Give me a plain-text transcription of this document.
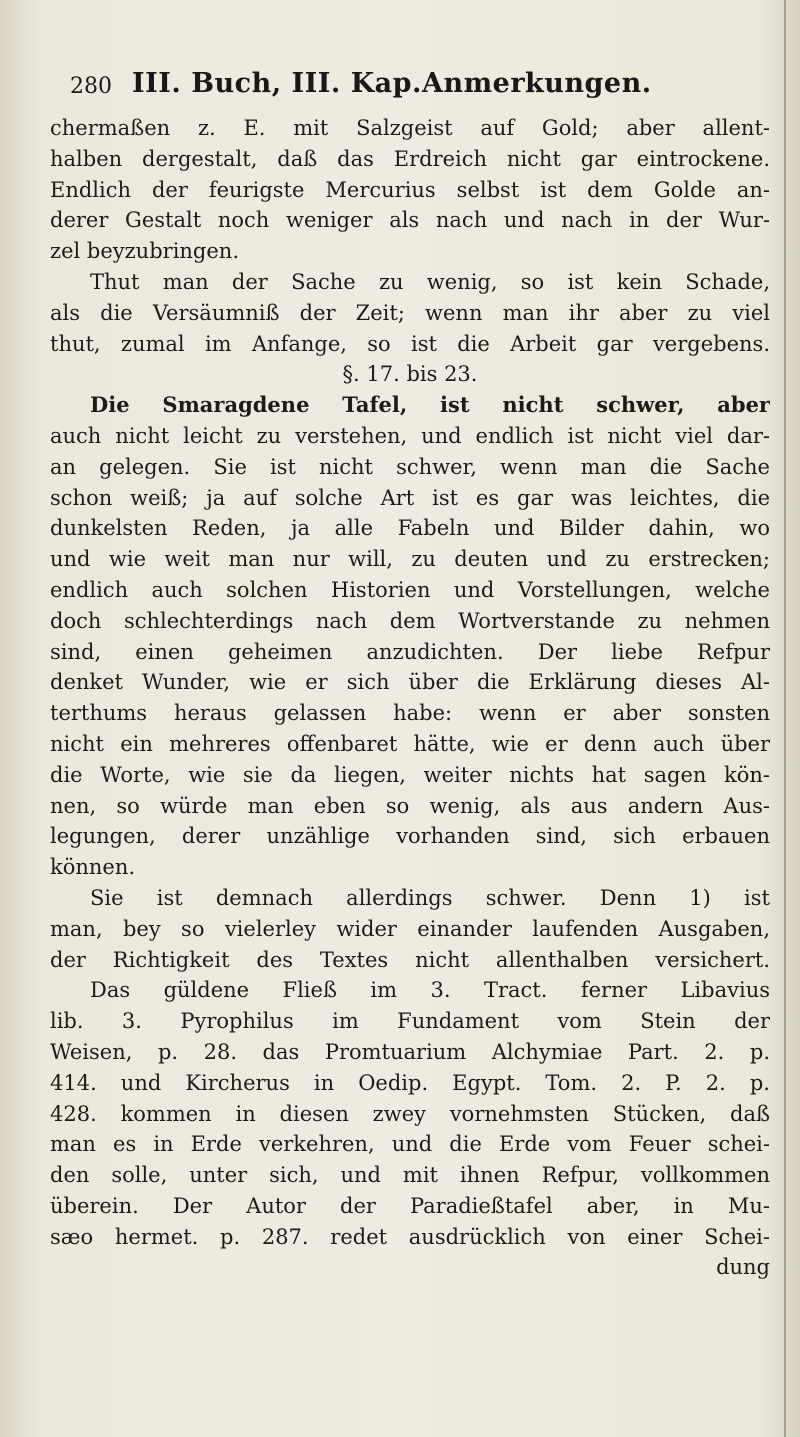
280 III. Buch, III. Kap. Anmerkungen.
chermaßen z. E. mit Salzgeist auf Gold; aber allent-
halben dergestalt, daß das Erdreich nicht gar eintrockene.
Endlich der feurigste Mercurius selbst ist dem Golde an-
derer Gestalt noch weniger als nach und nach in der Wur-
zel beyzubringen.
Thut man der Sache zu wenig, so ist kein Schade,
als die Versäumniß der Zeit; wenn man ihr aber zu viel
thut, zumal im Anfange, so ist die Arbeit gar vergebens.
§. 17. bis 23.
Die Smaragdene Tafel, ist nicht schwer, aber
auch nicht leicht zu verstehen, und endlich ist nicht viel dar-
an gelegen. Sie ist nicht schwer, wenn man die Sache
schon weiß; ja auf solche Art ist es gar was leichtes, die
dunkelsten Reden, ja alle Fabeln und Bilder dahin, wo
und wie weit man nur will, zu deuten und zu erstrecken;
endlich auch solchen Historien und Vorstellungen, welche
doch schlechterdings nach dem Wortverstande zu nehmen
sind, einen geheimen anzudichten. Der liebe Refpur
denket Wunder, wie er sich über die Erklärung dieses Al-
terthums heraus gelassen habe: wenn er aber sonsten
nicht ein mehreres offenbaret hätte, wie er denn auch über
die Worte, wie sie da liegen, weiter nichts hat sagen kön-
nen, so würde man eben so wenig, als aus andern Aus-
legungen, derer unzählige vorhanden sind, sich erbauen
können.
Sie ist demnach allerdings schwer. Denn 1) ist
man, bey so vielerley wider einander laufenden Ausgaben,
der Richtigkeit des Textes nicht allenthalben versichert.
Das güldene Fließ im 3. Tract. ferner Libavius
lib. 3. Pyrophilus im Fundament vom Stein der
Weisen, p. 28. das Promtuarium Alchymiae Part. 2. p.
414. und Kircherus in Oedip. Egypt. Tom. 2. P. 2. p.
428. kommen in diesen zwey vornehmsten Stücken, daß
man es in Erde verkehren, und die Erde vom Feuer schei-
den solle, unter sich, und mit ihnen Refpur, vollkommen
überein. Der Autor der Paradießtafel aber, in Mu-
sæo hermet. p. 287. redet ausdrücklich von einer Schei-
dung
